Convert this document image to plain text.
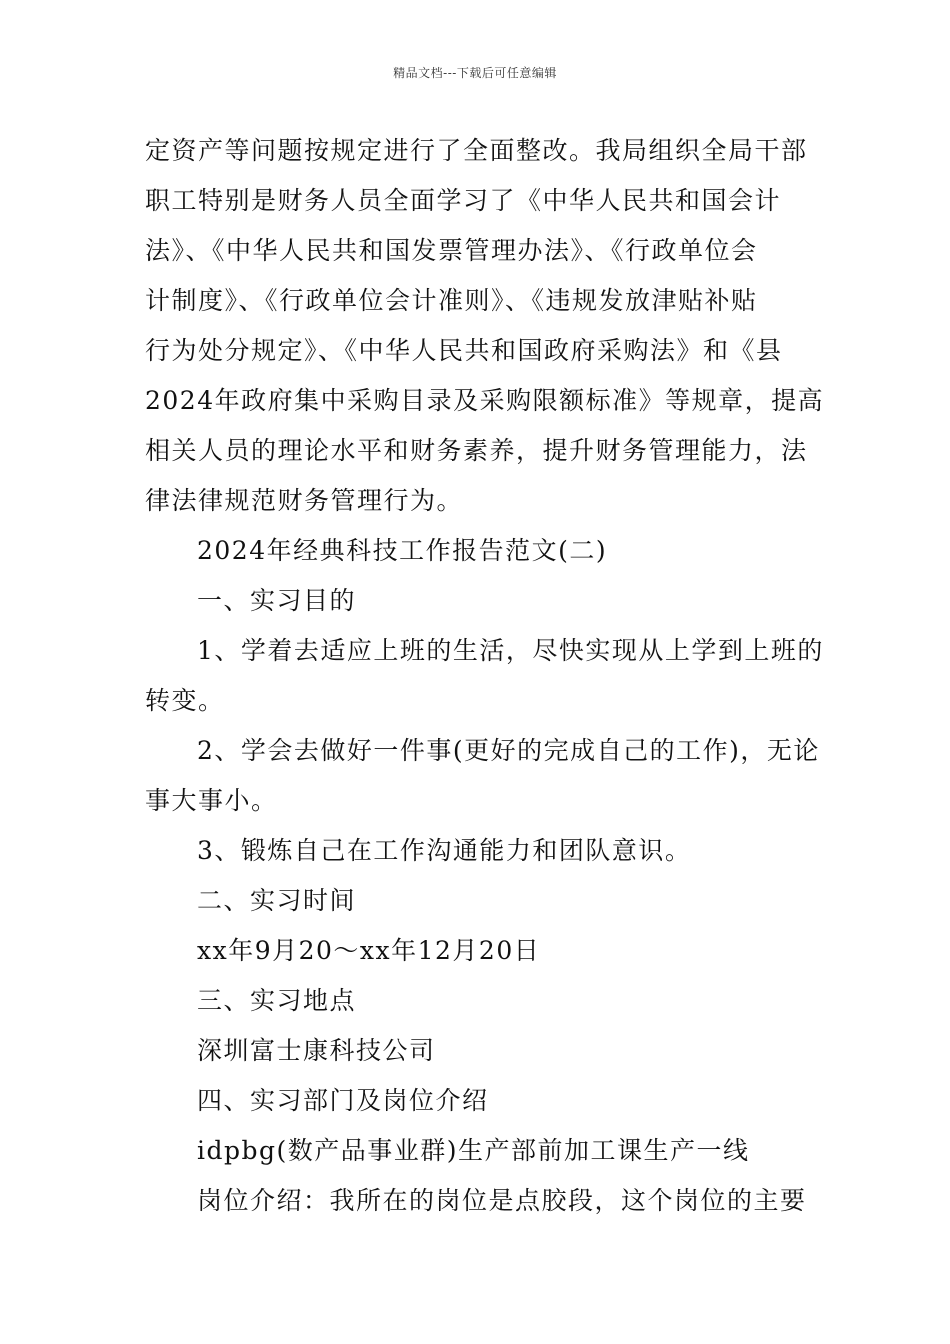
精品文档---下载后可任意编辑
定资产等问题按规定进行了全面整改。我局组织全局干部
职工特别是财务人员全面学习了《中华人民共和国会计
法》、《中华人民共和国发票管理办法》、《行政单位会
计制度》、《行政单位会计准则》、《违规发放津贴补贴
行为处分规定》、《中华人民共和国政府采购法》和《县
2024年政府集中采购目录及采购限额标准》等规章，提高
相关人员的理论水平和财务素养，提升财务管理能力，法
律法律规范财务管理行为。
2024年经典科技工作报告范文(二)
一、实习目的
1、学着去适应上班的生活，尽快实现从上学到上班的
转变。
2、学会去做好一件事(更好的完成自己的工作)，无论
事大事小。
3、锻炼自己在工作沟通能力和团队意识。
二、实习时间
xx年9月20～xx年12月20日
三、实习地点
深圳富士康科技公司
四、实习部门及岗位介绍
idpbg(数产品事业群)生产部前加工课生产一线
岗位介绍：我所在的岗位是点胶段，这个岗位的主要
